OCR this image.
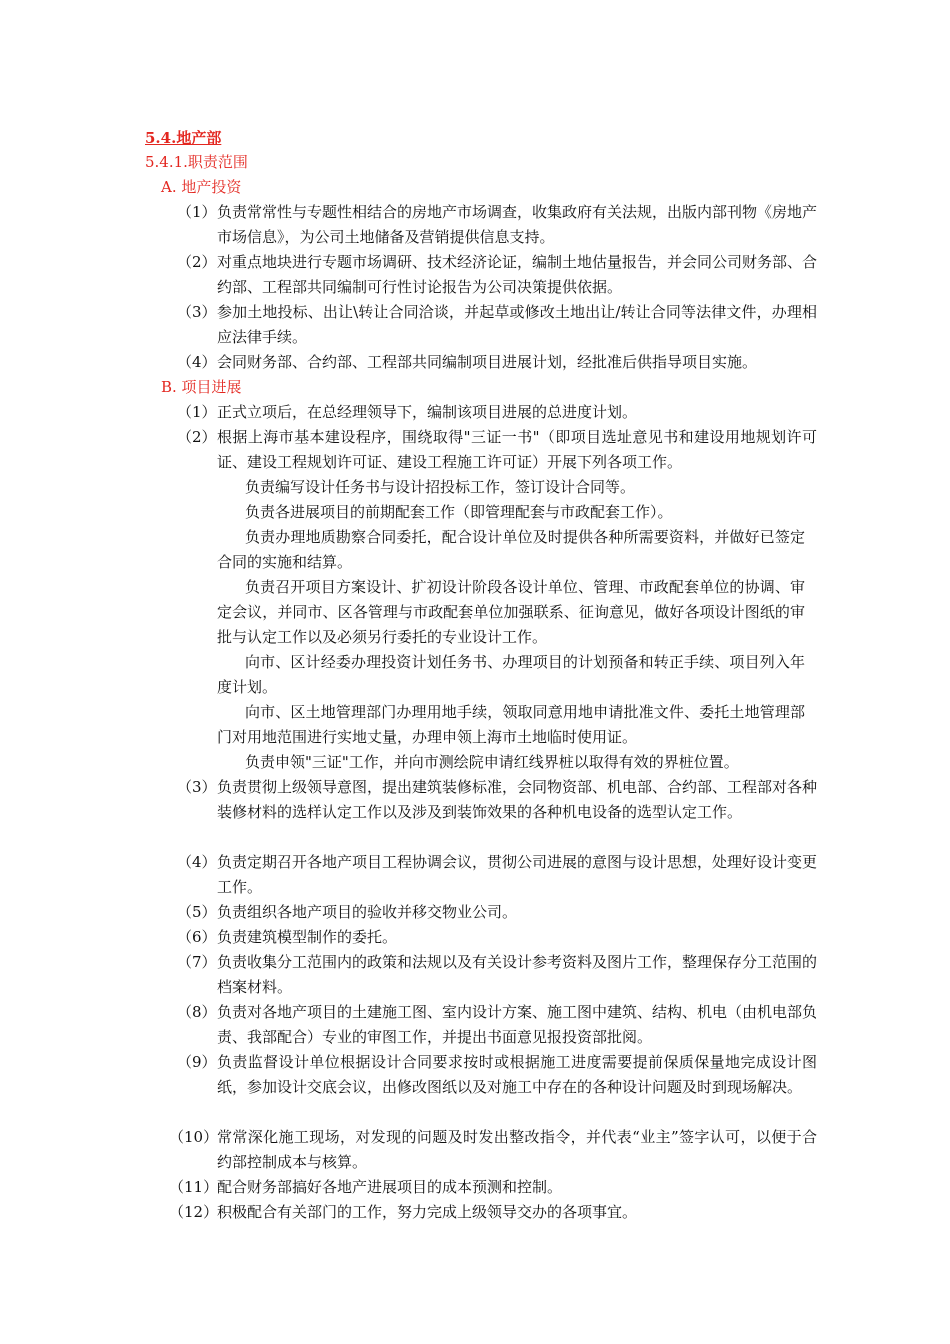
5.4.地产部
5.4.1.职责范围
A. 地产投资
（1） 负责常常性与专题性相结合的房地产市场调查，收集政府有关法规，出版内部刊物《房地产市场信息》，为公司土地储备及营销提供信息支持。
（2） 对重点地块进行专题市场调研、技术经济论证，编制土地估量报告，并会同公司财务部、合约部、工程部共同编制可行性讨论报告为公司决策提供依据。
（3） 参加土地投标、出让\转让合同洽谈，并起草或修改土地出让/转让合同等法律文件，办理相应法律手续。
（4） 会同财务部、合约部、工程部共同编制项目进展计划，经批准后供指导项目实施。
B. 项目进展
（1） 正式立项后，在总经理领导下，编制该项目进展的总进度计划。
（2） 根据上海市基本建设程序，围绕取得"三证一书"（即项目选址意见书和建设用地规划许可证、建设工程规划许可证、建设工程施工许可证）开展下列各项工作。
负责编写设计任务书与设计招投标工作，签订设计合同等。
负责各进展项目的前期配套工作（即管理配套与市政配套工作）。
负责办理地质勘察合同委托，配合设计单位及时提供各种所需要资料，并做好已签定合同的实施和结算。
负责召开项目方案设计、扩初设计阶段各设计单位、管理、市政配套单位的协调、审定会议，并同市、区各管理与市政配套单位加强联系、征询意见，做好各项设计图纸的审批与认定工作以及必须另行委托的专业设计工作。
向市、区计经委办理投资计划任务书、办理项目的计划预备和转正手续、项目列入年度计划。
向市、区土地管理部门办理用地手续，领取同意用地申请批准文件、委托土地管理部门对用地范围进行实地丈量，办理申领上海市土地临时使用证。
负责申领"三证"工作，并向市测绘院申请红线界桩以取得有效的界桩位置。
（3） 负责贯彻上级领导意图，提出建筑装修标准，会同物资部、机电部、合约部、工程部对各种装修材料的选样认定工作以及涉及到装饰效果的各种机电设备的选型认定工作。
（4） 负责定期召开各地产项目工程协调会议，贯彻公司进展的意图与设计思想，处理好设计变更工作。
（5） 负责组织各地产项目的验收并移交物业公司。
（6） 负责建筑模型制作的委托。
（7） 负责收集分工范围内的政策和法规以及有关设计参考资料及图片工作，整理保存分工范围的档案材料。
（8） 负责对各地产项目的土建施工图、室内设计方案、施工图中建筑、结构、机电（由机电部负责、我部配合）专业的审图工作，并提出书面意见报投资部批阅。
（9） 负责监督设计单位根据设计合同要求按时或根据施工进度需要提前保质保量地完成设计图纸，参加设计交底会议，出修改图纸以及对施工中存在的各种设计问题及时到现场解决。
（10）
常常深化施工现场，对发现的问题及时发出整改指令，并代表“业主”签字认可，以便于合约部控制成本与核算。
（11）
配合财务部搞好各地产进展项目的成本预测和控制。
（12）
积极配合有关部门的工作，努力完成上级领导交办的各项事宜。
